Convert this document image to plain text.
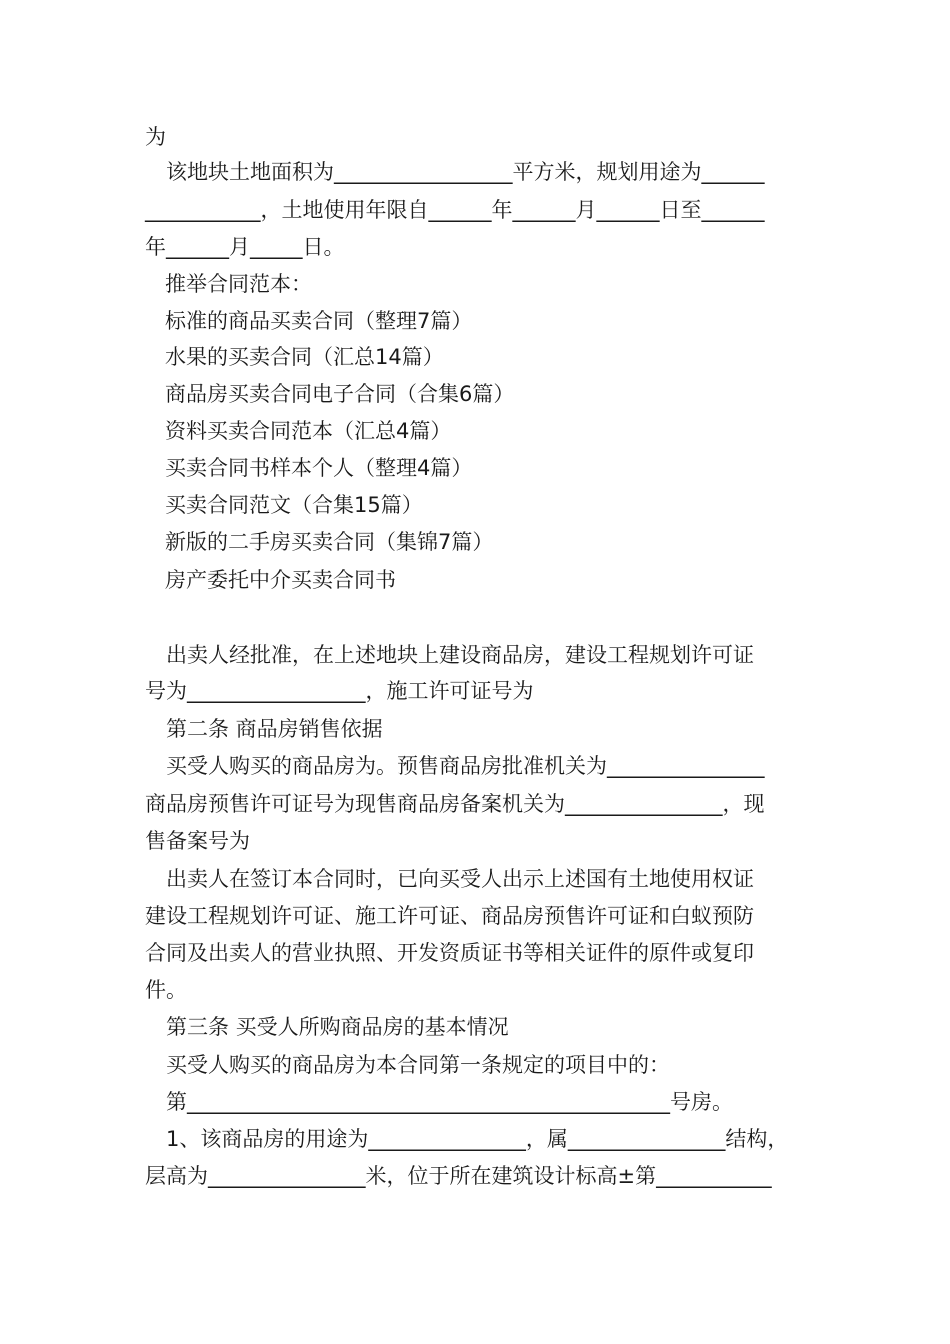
为
该地块土地面积为_________________平方米，规划用途为______
___________，土地使用年限自______年______月______日至______
年______月_____日。
推举合同范本：
标准的商品买卖合同（整理7篇）
水果的买卖合同（汇总14篇）
商品房买卖合同电子合同（合集6篇）
资料买卖合同范本（汇总4篇）
买卖合同书样本个人（整理4篇）
买卖合同范文（合集15篇）
新版的二手房买卖合同（集锦7篇）
房产委托中介买卖合同书
出卖人经批准，在上述地块上建设商品房，建设工程规划许可证
号为_________________，施工许可证号为
第二条 商品房销售依据
买受人购买的商品房为。预售商品房批准机关为_______________
商品房预售许可证号为现售商品房备案机关为_______________，现
售备案号为
出卖人在签订本合同时，已向买受人出示上述国有土地使用权证
建设工程规划许可证、施工许可证、商品房预售许可证和白蚁预防
合同及出卖人的营业执照、开发资质证书等相关证件的原件或复印
件。
第三条 买受人所购商品房的基本情况
买受人购买的商品房为本合同第一条规定的项目中的：
第______________________________________________号房。
1、该商品房的用途为_______________，属_______________结构，
层高为_______________米，位于所在建筑设计标高±第___________
